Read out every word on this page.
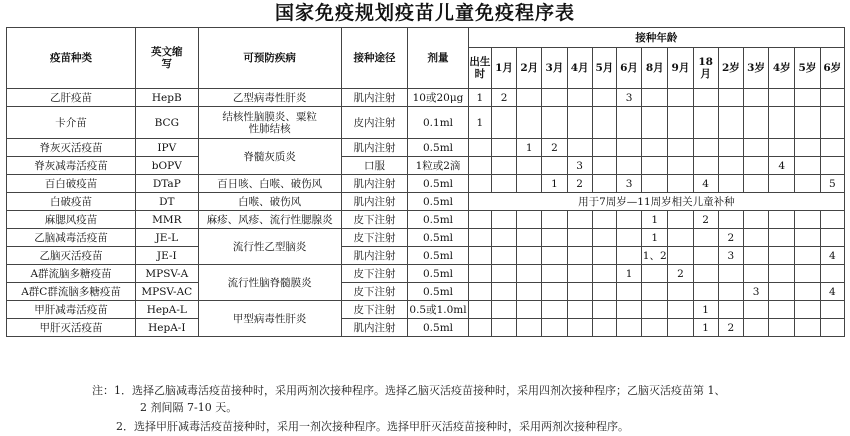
国家免疫规划疫苗儿童免疫程序表
疫苗种类	英文缩写	可预防疾病	接种途径	剂量	接种年龄														
					出生时	1月	2月	3月	4月	5月	6月	8月	9月	18月	2岁	3岁	4岁	5岁	6岁
乙肝疫苗	HepB	乙型病毒性肝炎	肌内注射	10或20μg	1	2					3								
卡介苗	BCG	结核性脑膜炎、粟粒性肺结核	皮内注射	0.1ml	1														
脊灰灭活疫苗	IPV	脊髓灰质炎	肌内注射	0.5ml			1	2											
脊灰减毒活疫苗	bOPV		口服	1粒或2滴					3								4		
百白破疫苗	DTaP	百日咳、白喉、破伤风	肌内注射	0.5ml				1	2		3			4					5
白破疫苗	DT	白喉、破伤风	肌内注射	0.5ml	用于7周岁—11周岁相关儿童补种														
麻腮风疫苗	MMR	麻疹、风疹、流行性腮腺炎	皮下注射	0.5ml								1		2					
乙脑减毒活疫苗	JE-L	流行性乙型脑炎	皮下注射	0.5ml								1			2				
乙脑灭活疫苗	JE-I		肌内注射	0.5ml								1、2			3				4
A群流脑多糖疫苗	MPSV-A	流行性脑脊髓膜炎	皮下注射	0.5ml							1		2						
A群C群流脑多糖疫苗	MPSV-AC		皮下注射	0.5ml												3			4
甲肝减毒活疫苗	HepA-L	甲型病毒性肝炎	皮下注射	0.5或1.0ml										1					
甲肝灭活疫苗	HepA-I		肌内注射	0.5ml										1	2				
注：1．选择乙脑减毒活疫苗接种时，采用两剂次接种程序。选择乙脑灭活疫苗接种时，采用四剂次接种程序；乙脑灭活疫苗第 1、
2 剂间隔 7-10 天。
2．选择甲肝减毒活疫苗接种时，采用一剂次接种程序。选择甲肝灭活疫苗接种时，采用两剂次接种程序。
